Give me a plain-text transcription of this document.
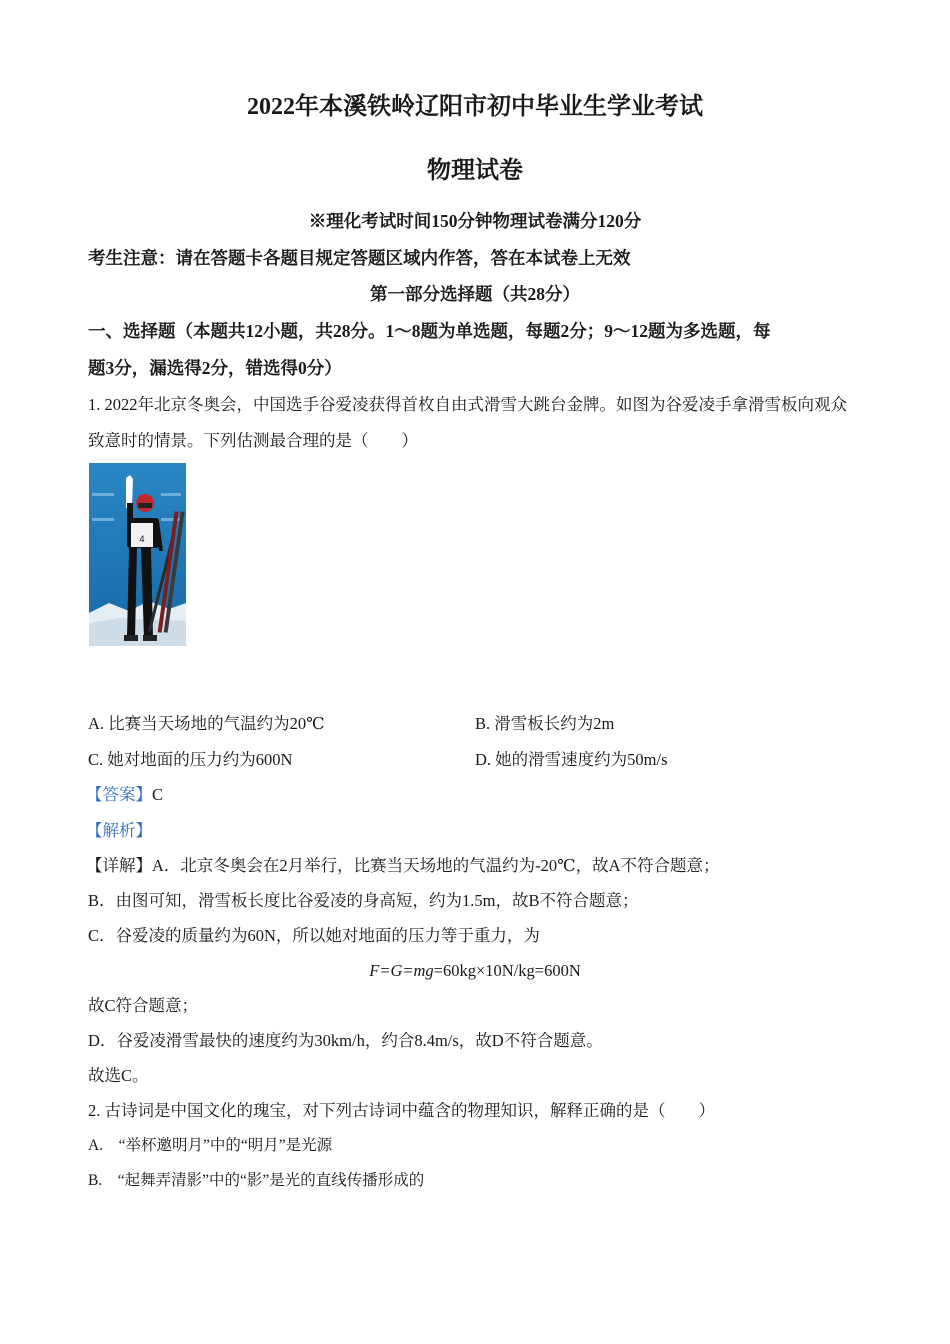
2022年本溪铁岭辽阳市初中毕业生学业考试
物理试卷
※理化考试时间150分钟物理试卷满分120分
考生注意：请在答题卡各题目规定答题区域内作答，答在本试卷上无效
第一部分选择题（共28分）
一、选择题（本题共12小题，共28分。1～8题为单选题，每题2分；9～12题为多选题，每
题3分，漏选得2分，错选得0分）
1. 2022年北京冬奥会，中国选手谷爱凌获得首枚自由式滑雪大跳台金牌。如图为谷爱凌手拿滑雪板向观众
致意时的情景。下列估测最合理的是（　　）
4
A. 比赛当天场地的气温约为20℃	B. 滑雪板长约为2m
C. 她对地面的压力约为600N	D. 她的滑雪速度约为50m/s
【答案】C
【解析】
【详解】A．北京冬奥会在2月举行，比赛当天场地的气温约为-20℃，故A不符合题意；
B．由图可知，滑雪板长度比谷爱凌的身高短，约为1.5m，故B不符合题意；
C．谷爱凌的质量约为60N，所以她对地面的压力等于重力，为
F=G=mg=60kg×10N/kg=600N
故C符合题意；
D．谷爱凌滑雪最快的速度约为30km/h，约合8.4m/s，故D不符合题意。
故选C。
2. 古诗词是中国文化的瑰宝，对下列古诗词中蕴含的物理知识，解释正确的是（　　）
A.　“举杯邀明月”中的“明月”是光源
B.　“起舞弄清影”中的“影”是光的直线传播形成的
